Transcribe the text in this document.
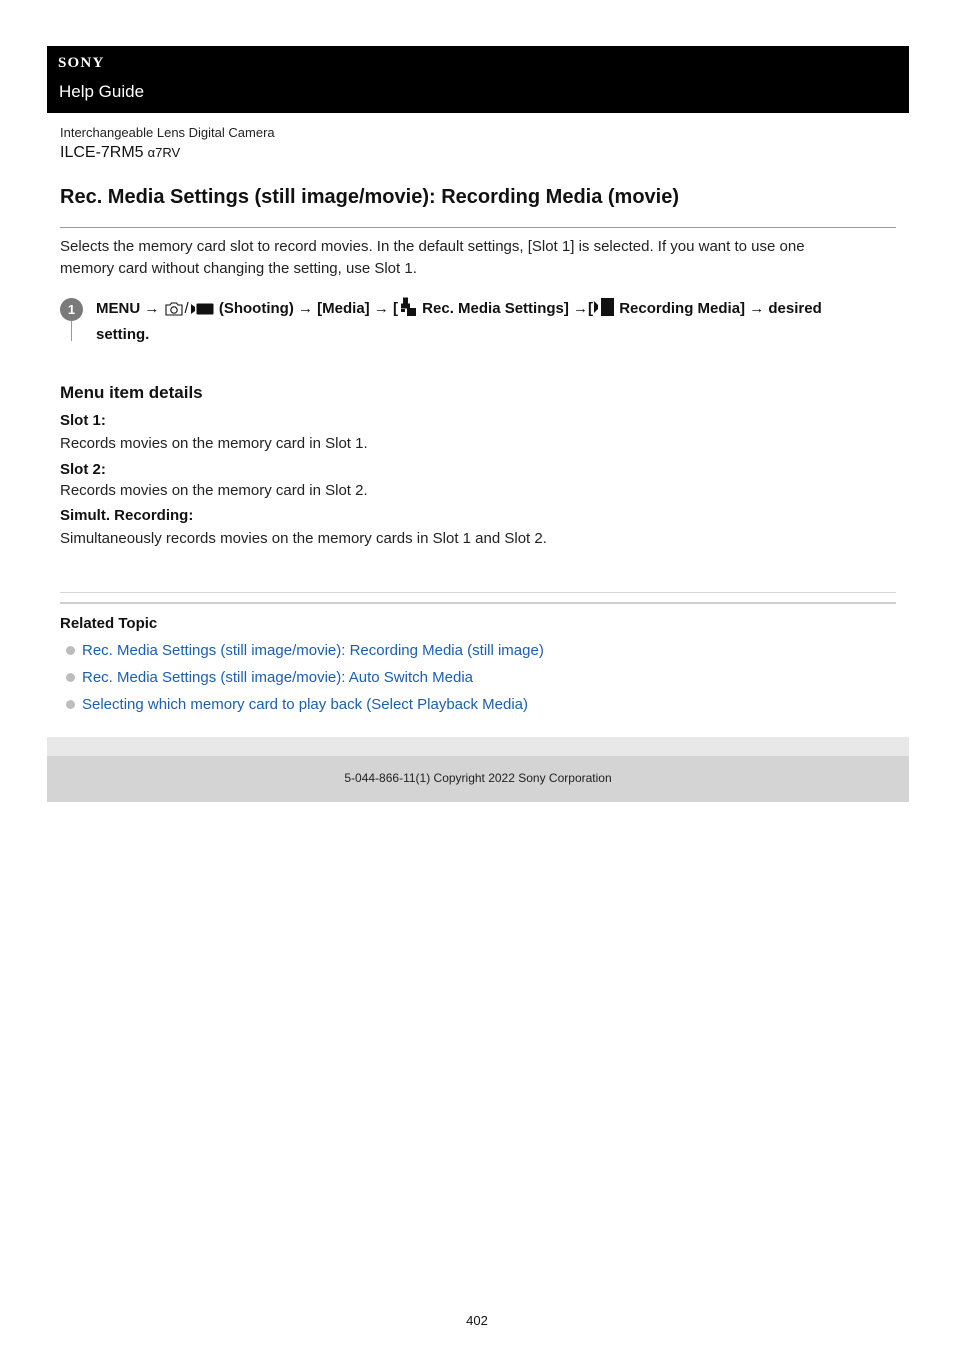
SONY
Help Guide
Interchangeable Lens Digital Camera
ILCE-7RM5 α7RV
Rec. Media Settings (still image/movie): Recording Media (movie)

Selects the memory card slot to record movies. In the default settings, [Slot 1] is selected. If you want to use one memory card without changing the setting, use Slot 1.

1	MENU → / (Shooting) → [Media] → [ Rec. Media Settings] →[ Recording Media] → desired
setting.
Menu item details
Slot 1:
Records movies on the memory card in Slot 1.
Slot 2:
Records movies on the memory card in Slot 2.
Simult. Recording:
Simultaneously records movies on the memory cards in Slot 1 and Slot 2.
Related Topic
Rec. Media Settings (still image/movie): Recording Media (still image)
Rec. Media Settings (still image/movie): Auto Switch Media
Selecting which memory card to play back (Select Playback Media)
5-044-866-11(1) Copyright 2022 Sony Corporation
402
